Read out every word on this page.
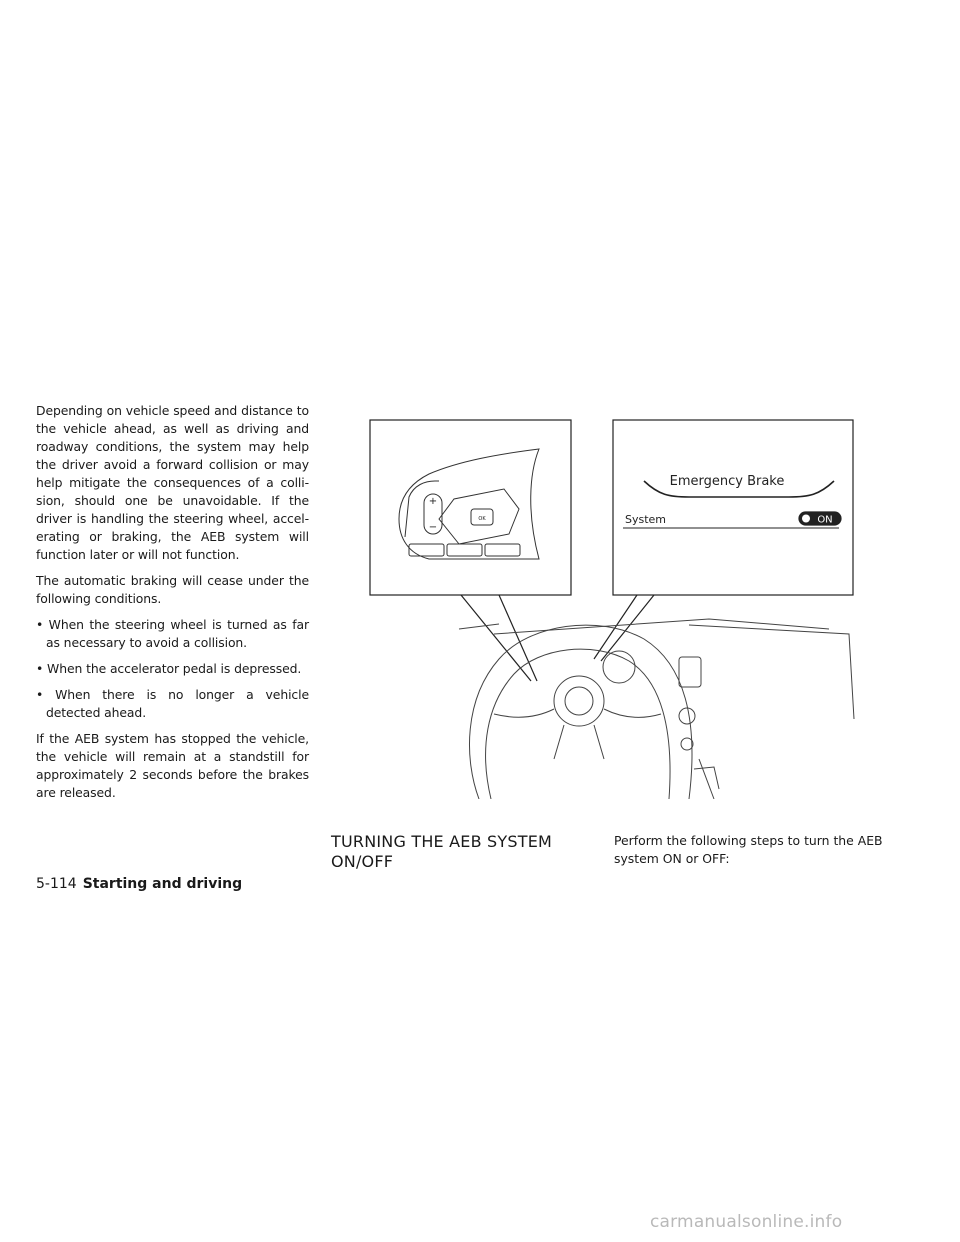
Depending on vehicle speed and distance to the vehicle ahead, as well as driving and roadway conditions, the system may help the driver avoid a forward collision or may help mitigate the consequences of a colli-sion, should one be unavoidable. If the driver is handling the steering wheel, accel-erating or braking, the AEB system will function later or will not function.

The automatic braking will cease under the following conditions.

• When the steering wheel is turned as far as necessary to avoid a collision.

• When the accelerator pedal is depressed.

• When there is no longer a vehicle detected ahead.

If the AEB system has stopped the vehicle, the vehicle will remain at a standstill for approximately 2 seconds before the brakes are released.

OK
+
−
Emergency Brake
System	ON
TURNING THE AEB SYSTEM
ON/OFF
Perform the following steps to turn the AEB system ON or OFF:
5-114 Starting and driving
carmanualsonline.info
